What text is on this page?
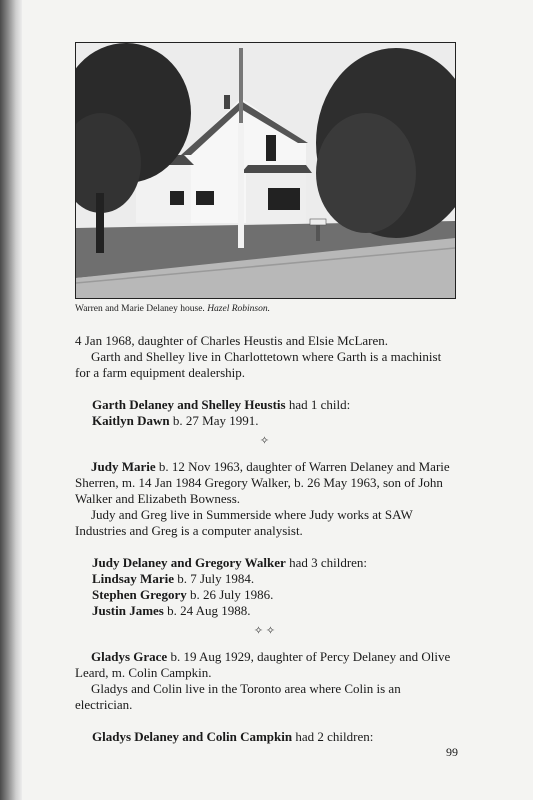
Warren and Marie Delaney house. Hazel Robinson.

4 Jan 1968, daughter of Charles Heustis and Elsie McLaren.

Garth and Shelley live in Charlottetown where Garth is a machinist for a farm equipment dealership.

Garth Delaney and Shelley Heustis had 1 child:

Kaitlyn Dawn b. 27 May 1991.

✧

Judy Marie b. 12 Nov 1963, daughter of Warren Delaney and Marie Sherren, m. 14 Jan 1984 Gregory Walker, b. 26 May 1963, son of John Walker and Elizabeth Bowness.

Judy and Greg live in Summerside where Judy works at SAW Industries and Greg is a computer analysist.

Judy Delaney and Gregory Walker had 3 children:

Lindsay Marie b. 7 July 1984.

Stephen Gregory b. 26 July 1986.

Justin James b. 24 Aug 1988.

✧ ✧

Gladys Grace b. 19 Aug 1929, daughter of Percy Delaney and Olive Leard, m. Colin Campkin.

Gladys and Colin live in the Toronto area where Colin is an electrician.

Gladys Delaney and Colin Campkin had 2 children:

99
